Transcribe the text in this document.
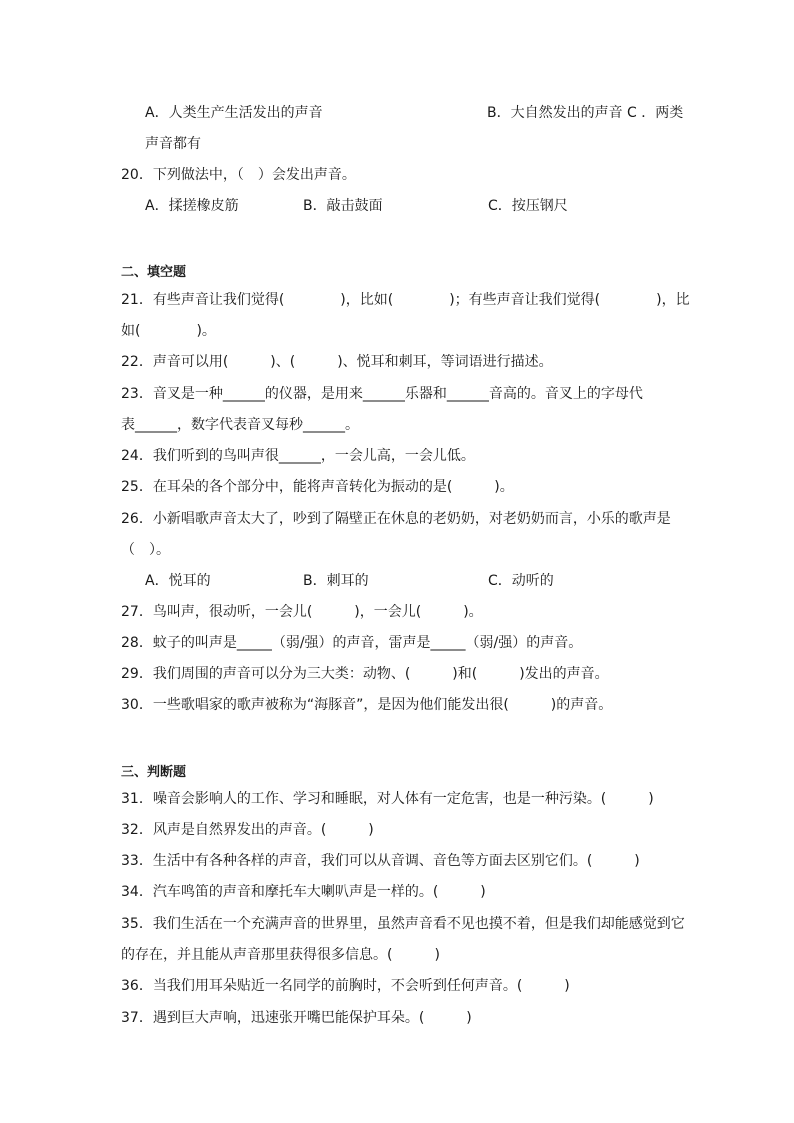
A．人类生产生活发出的声音	B．大自然发出的声音 C ．两类
声音都有
20．下列做法中，（　）会发出声音。
A．揉搓橡皮筋	B．敲击鼓面	C．按压钢尺
二、填空题
21．有些声音让我们觉得(　　　　)，比如(　　　　)；有些声音让我们觉得(　　　　)，比
如(　　　　)。
22．声音可以用(　　　)、(　　　)、悦耳和刺耳，等词语进行描述。
23．音叉是一种______的仪器，是用来______乐器和______音高的。音叉上的字母代
表______，数字代表音叉每秒______。
24．我们听到的鸟叫声很______，一会儿高，一会儿低。
25．在耳朵的各个部分中，能将声音转化为振动的是(　　　)。
26．小新唱歌声音太大了，吵到了隔壁正在休息的老奶奶，对老奶奶而言，小乐的歌声是
（　）。
A．悦耳的	B．刺耳的	C．动听的
27．鸟叫声，很动听，一会儿(　　　)，一会儿(　　　)。
28．蚊子的叫声是_____（弱/强）的声音，雷声是_____（弱/强）的声音。
29．我们周围的声音可以分为三大类：动物、(　　　)和(　　　)发出的声音。
30．一些歌唱家的歌声被称为“海豚音”，是因为他们能发出很(　　　)的声音。
三、判断题
31．噪音会影响人的工作、学习和睡眠，对人体有一定危害，也是一种污染。(　　　)
32．风声是自然界发出的声音。(　　　)
33．生活中有各种各样的声音，我们可以从音调、音色等方面去区别它们。(　　　)
34．汽车鸣笛的声音和摩托车大喇叭声是一样的。(　　　)
35．我们生活在一个充满声音的世界里，虽然声音看不见也摸不着，但是我们却能感觉到它
的存在，并且能从声音那里获得很多信息。(　　　)
36．当我们用耳朵贴近一名同学的前胸时，不会听到任何声音。(　　　)
37．遇到巨大声响，迅速张开嘴巴能保护耳朵。(　　　)
